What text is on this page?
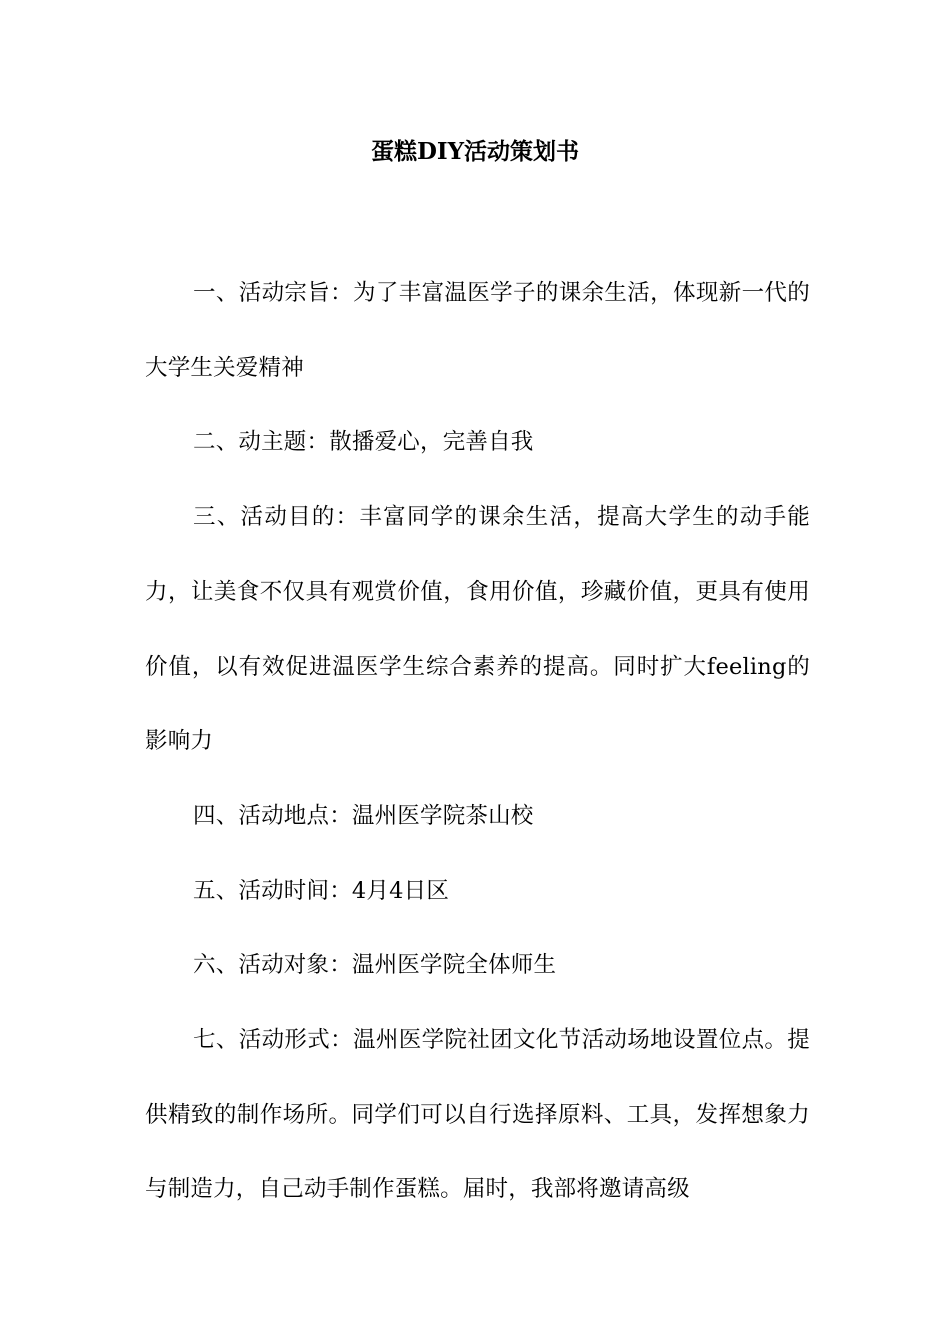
蛋糕DIY活动策划书

一、活动宗旨：为了丰富温医学子的课余生活，体现新一代的大学生关爱精神

二、动主题：散播爱心，完善自我

三、活动目的：丰富同学的课余生活，提高大学生的动手能力，让美食不仅具有观赏价值，食用价值，珍藏价值，更具有使用价值，以有效促进温医学生综合素养的提高。同时扩大feeling的影响力

四、活动地点：温州医学院茶山校

五、活动时间：4月4日区

六、活动对象：温州医学院全体师生

七、活动形式：温州医学院社团文化节活动场地设置位点。提供精致的制作场所。同学们可以自行选择原料、工具，发挥想象力与制造力，自己动手制作蛋糕。届时，我部将邀请高级
